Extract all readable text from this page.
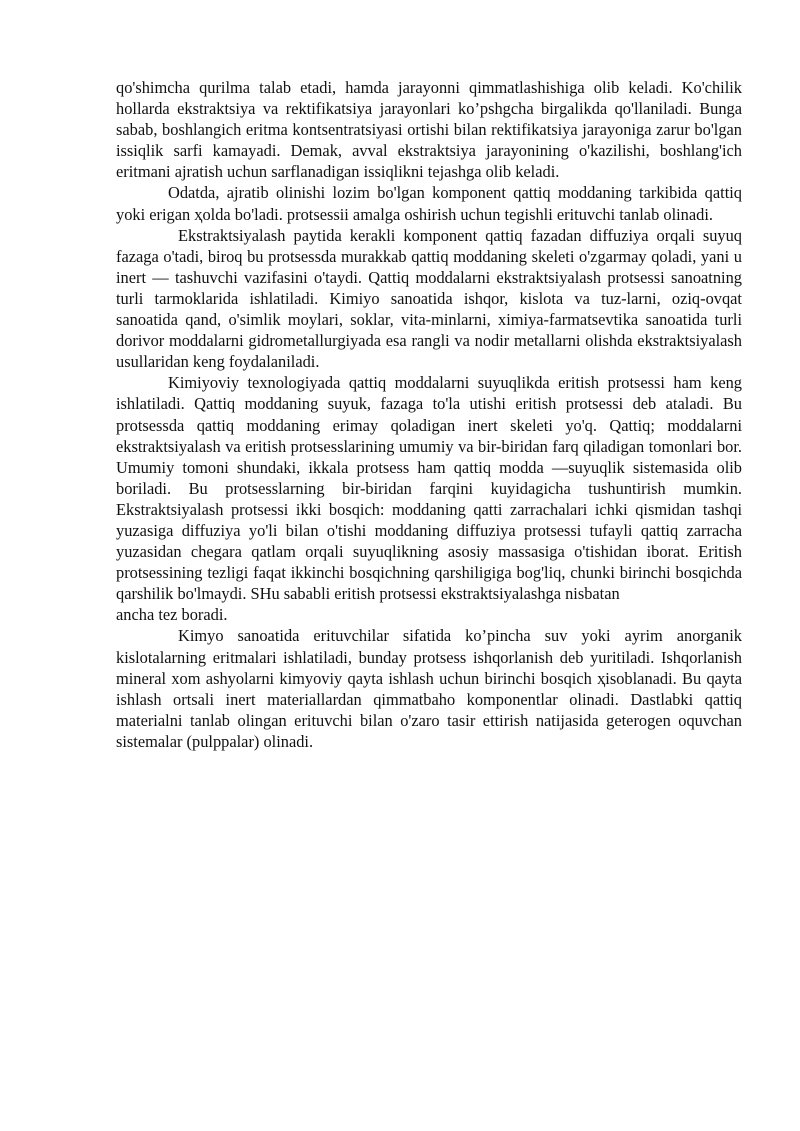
qo'shimcha qurilma talab etadi, hamda jarayonni qimmatlashishiga olib keladi. Ko'chilik hollarda ekstraktsiya va rektifikatsiya jarayonlari ko’pshgcha birgalikda qo'llaniladi. Bunga sabab, boshlangich eritma kontsentratsiyasi ortishi bilan rektifikatsiya jarayoniga zarur bo'lgan issiqlik sarfi kamayadi. Demak, avval ekstraktsiya jarayonining o'kazilishi, boshlang'ich eritmani ajratish uchun sarflanadigan issiqlikni tejashga olib keladi.

Odatda, ajratib olinishi lozim bo'lgan komponent qattiq moddaning tarkibida qattiq yoki erigan ҳolda bo'ladi. protsessii amalga oshirish uchun tegishli erituvchi tanlab olinadi.

Ekstraktsiyalash paytida kerakli komponent qattiq fazadan diffuziya orqali suyuq fazaga o'tadi, biroq bu protsessda murakkab qattiq moddaning skeleti o'zgarmay qoladi, yani u inert — tashuvchi vazifasini o'taydi. Qattiq moddalarni ekstraktsiyalash protsessi sanoatning turli tarmoklarida ishlatiladi. Kimiyo sanoatida ishqor, kislota va tuz-larni, oziq-ovqat sanoatida qand, o'simlik moylari, soklar, vita-minlarni, ximiya-farmatsevtika sanoatida turli dorivor moddalarni gidrometallurgiyada esa rangli va nodir metallarni olishda ekstraktsiyalash usullaridan keng foydalaniladi.

Kimiyoviy texnologiyada qattiq moddalarni suyuqlikda eritish protsessi ham keng ishlatiladi. Qattiq moddaning suyuk, fazaga to'la utishi eritish protsessi deb ataladi. Bu protsessda qattiq moddaning erimay qoladigan inert skeleti yo'q. Qattiq; moddalarni ekstraktsiyalash va eritish protsesslarining umumiy va bir-biridan farq qiladigan tomonlari bor. Umumiy tomoni shundaki, ikkala protsess ham qattiq modda —suyuqlik sistemasida olib boriladi. Bu protsesslarning bir-biridan farqini kuyidagicha tushuntirish mumkin. Ekstraktsiyalash protsessi ikki bosqich: moddaning qatti zarrachalari ichki qismidan tashqi yuzasiga diffuziya yo'li bilan o'tishi moddaning diffuziya protsessi tufayli qattiq zarracha yuzasidan chegara qatlam orqali suyuqlikning asosiy massasiga o'tishidan iborat. Eritish protsessining tezligi faqat ikkinchi bosqichning qarshiligiga bog'liq, chunki birinchi bosqichda qarshilik bo'lmaydi. SHu sababli eritish protsessi ekstraktsiyalashga nisbatan

ancha tez boradi.

Kimyo sanoatida erituvchilar sifatida ko’pincha suv yoki ayrim anorganik kislotalarning eritmalari ishlatiladi, bunday protsess ishqorlanish deb yuritiladi. Ishqorlanish mineral xom ashyolarni kimyoviy qayta ishlash uchun birinchi bosqich ҳisoblanadi. Bu qayta ishlash ortsali inert materiallardan qimmatbaho komponentlar olinadi. Dastlabki qattiq materialni tanlab olingan erituvchi bilan o'zaro tasir ettirish natijasida geterogen oquvchan sistemalar (pulppalar) olinadi.
